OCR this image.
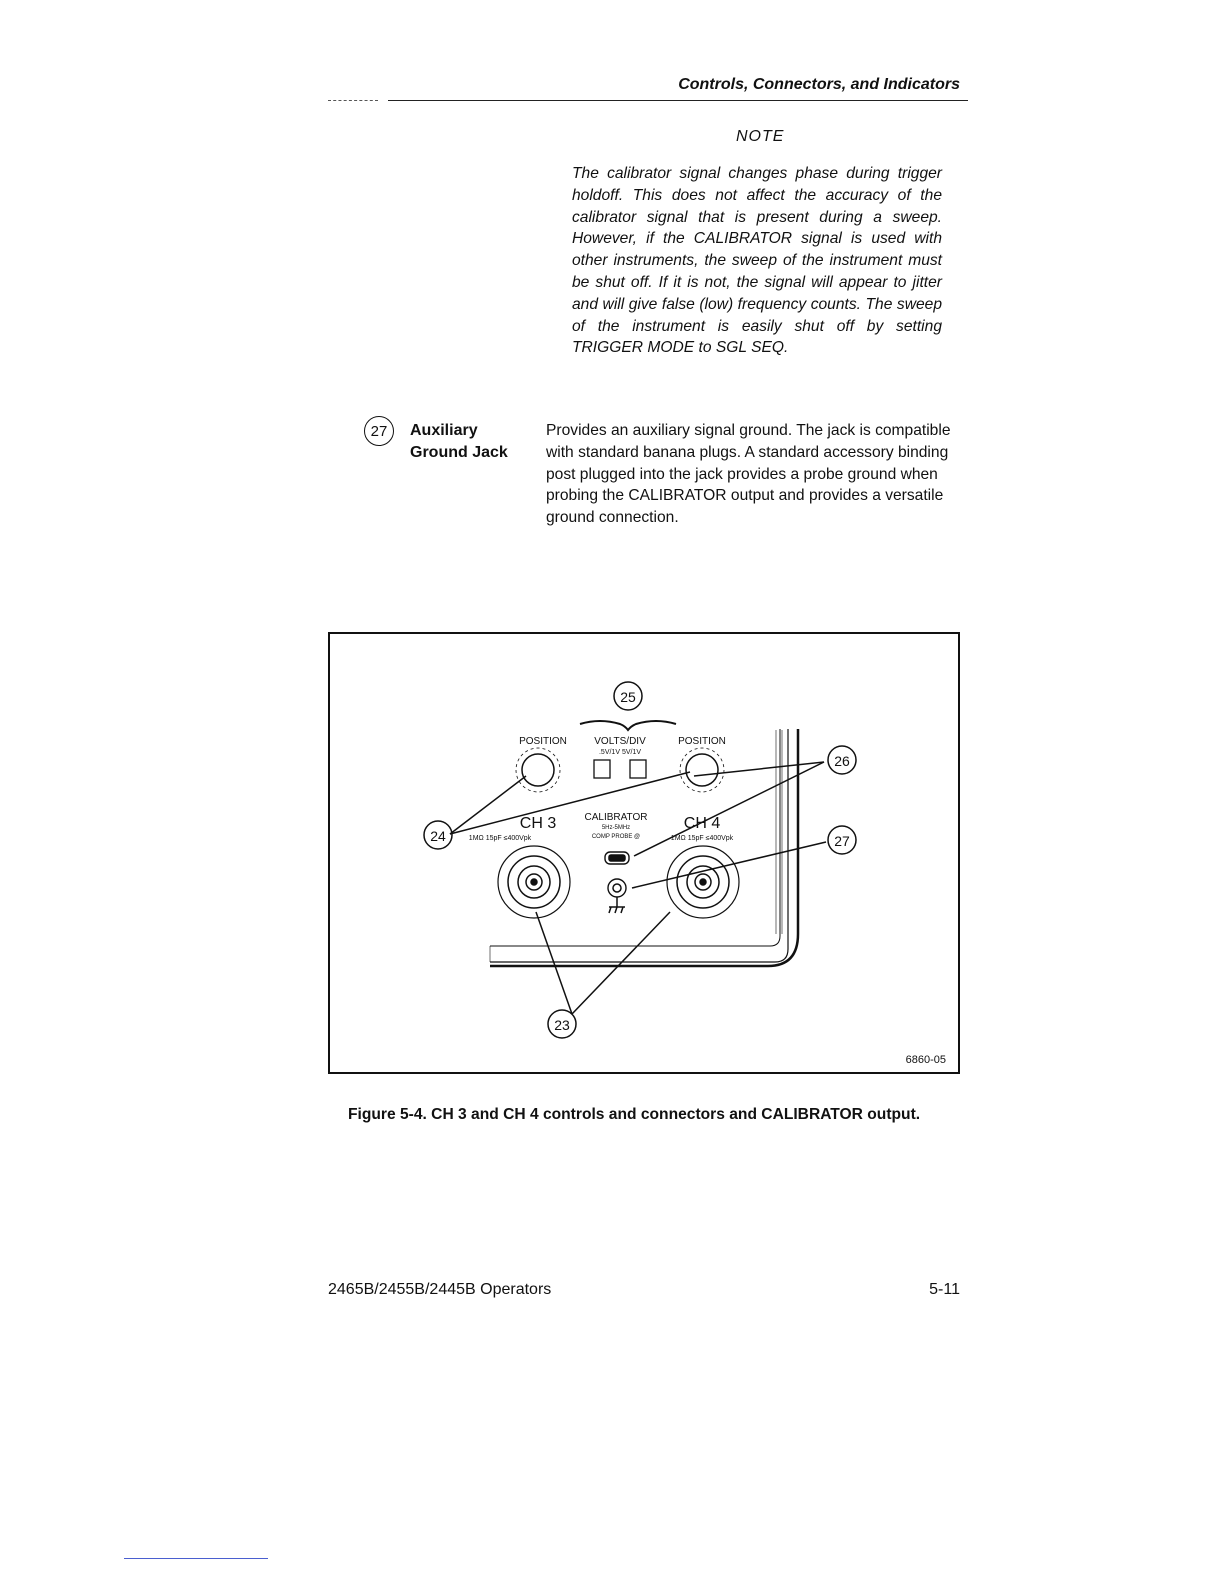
Controls, Connectors, and Indicators
NOTE
The calibrator signal changes phase during trigger holdoff. This does not affect the accuracy of the calibrator signal that is present during a sweep. However, if the CALIBRATOR signal is used with other instruments, the sweep of the instrument must be shut off. If it is not, the signal will appear to jitter and will give false (low) frequency counts. The sweep of the instrument is easily shut off by setting TRIGGER MODE to SGL SEQ.
27 Auxiliary
Ground Jack
Provides an auxiliary signal ground. The jack is compatible with standard banana plugs. A standard accessory binding post plugged into the jack provides a probe ground when probing the CALIBRATOR output and provides a versatile ground connection.
25
24
26
27
23
POSITION	VOLTS/DIV
.5V/1V 5V/1V
POSITION
CH 3	CALIBRATOR
5Hz-5MHz
COMP PROBE @
CH 4
1MΩ 15pF ≤400Vpk	1MΩ 15pF ≤400Vpk
6860-05
Figure 5-4. CH 3 and CH 4 controls and connectors and CALIBRATOR output.
2465B/2455B/2445B Operators	5-11
